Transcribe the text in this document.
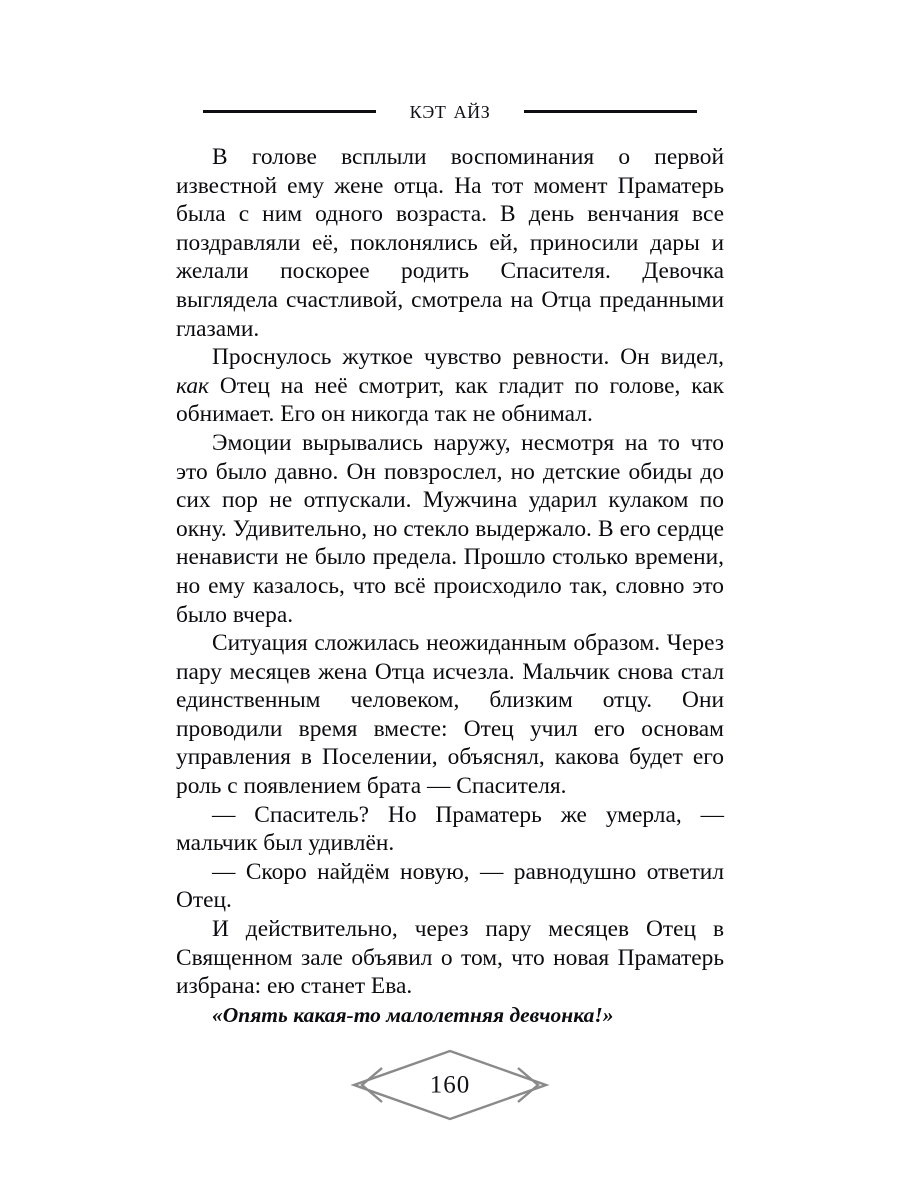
кэт айз

В голове всплыли воспоминания о первой известной ему жене отца. На тот момент Праматерь была с ним одного возраста. В день венчания все поздравляли её, поклонялись ей, приносили дары и желали поскорее родить Спасителя. Девочка выглядела счастливой, смотрела на Отца преданными глазами.

Проснулось жуткое чувство ревности. Он видел, как Отец на неё смотрит, как гладит по голове, как обнимает. Его он никогда так не обнимал.

Эмоции вырывались наружу, несмотря на то что это было давно. Он повзрослел, но детские обиды до сих пор не отпускали. Мужчина ударил кулаком по окну. Удивительно, но стекло выдержало. В его сердце ненависти не было предела. Прошло столько времени, но ему казалось, что всё происходило так, словно это было вчера.

Ситуация сложилась неожиданным образом. Через пару месяцев жена Отца исчезла. Мальчик снова стал единственным человеком, близким отцу. Они проводили время вместе: Отец учил его основам управления в Поселении, объяснял, какова будет его роль с появлением брата — Спасителя.

— Спаситель? Но Праматерь же умерла, — мальчик был удивлён.

— Скоро найдём новую, — равнодушно ответил Отец.

И действительно, через пару месяцев Отец в Священном зале объявил о том, что новая Праматерь избрана: ею станет Ева.

«Опять какая-то малолетняя девчонка!»

160
